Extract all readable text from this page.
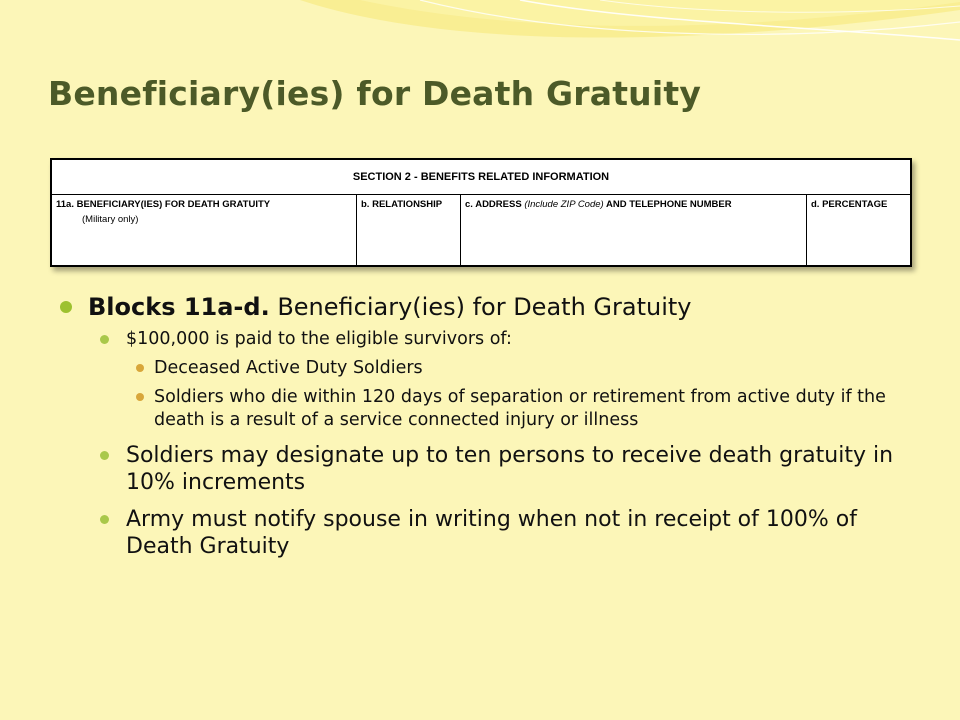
Beneficiary(ies) for Death Gratuity
SECTION 2 - BENEFITS RELATED INFORMATION
11a. BENEFICIARY(IES) FOR DEATH GRATUITY
(Military only)
b. RELATIONSHIP	c. ADDRESS (Include ZIP Code) AND TELEPHONE NUMBER	d. PERCENTAGE
Blocks 11a-d. Beneficiary(ies) for Death Gratuity
$100,000 is paid to the eligible survivors of:
Deceased Active Duty Soldiers
Soldiers who die within 120 days of separation or retirement from active duty if the death is a result of a service connected injury or illness
Soldiers may designate up to ten persons to receive death gratuity in 10% increments
Army must notify spouse in writing when not in receipt of 100% of Death Gratuity
